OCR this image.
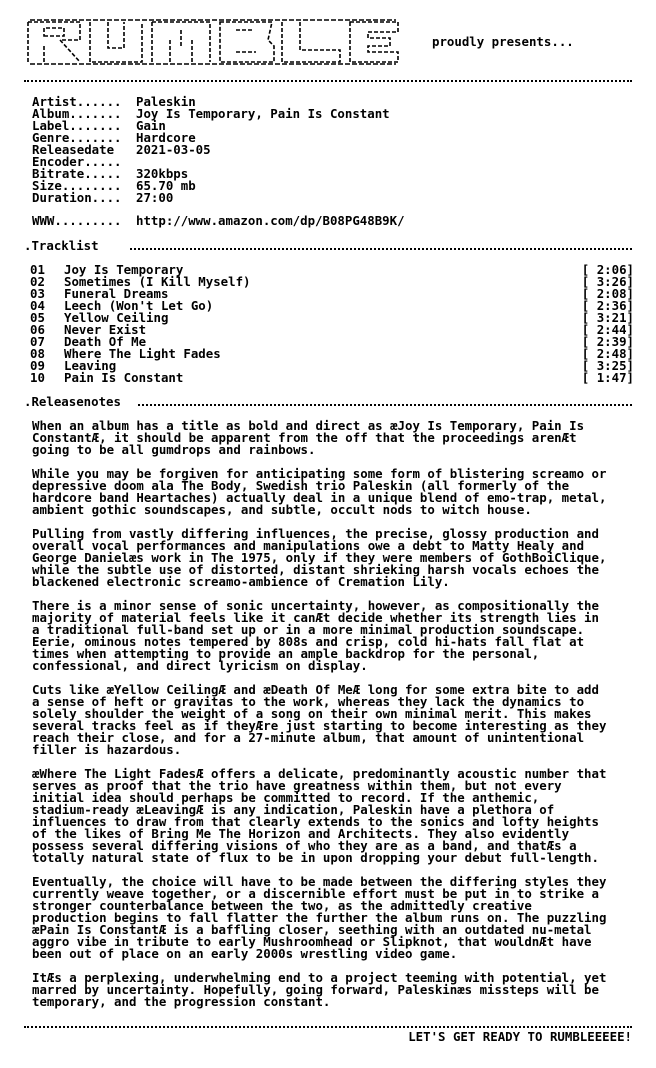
proudly presents...
Artist...... Paleskin
Album....... Joy Is Temporary, Pain Is Constant
Label....... Gain
Genre....... Hardcore
Releasedate 2021-03-05
Encoder.....
Bitrate..... 320kbps
Size........ 65.70 mb
Duration.... 27:00
WWW......... http://www.amazon.com/dp/B08PG48B9K/
.Tracklist
01 Joy Is Temporary	[ 2:06]
02 Sometimes (I Kill Myself)	[ 3:26]
03 Funeral Dreams	[ 2:08]
04 Leech (Won't Let Go)	[ 2:36]
05 Yellow Ceiling	[ 3:21]
06 Never Exist	[ 2:44]
07 Death Of Me	[ 2:39]
08 Where The Light Fades	[ 2:48]
09 Leaving	[ 3:25]
10 Pain Is Constant	[ 1:47]
.Releasenotes
When an album has a title as bold and direct as æJoy Is Temporary, Pain Is
ConstantÆ, it should be apparent from the off that the proceedings arenÆt
going to be all gumdrops and rainbows.
While you may be forgiven for anticipating some form of blistering screamo or
depressive doom ala The Body, Swedish trio Paleskin (all formerly of the
hardcore band Heartaches) actually deal in a unique blend of emo-trap, metal,
ambient gothic soundscapes, and subtle, occult nods to witch house.
Pulling from vastly differing influences, the precise, glossy production and
overall vocal performances and manipulations owe a debt to Matty Healy and
George Danielæs work in The 1975, only if they were members of GothBoiClique,
while the subtle use of distorted, distant shrieking harsh vocals echoes the
blackened electronic screamo-ambience of Cremation Lily.
There is a minor sense of sonic uncertainty, however, as compositionally the
majority of material feels like it canÆt decide whether its strength lies in
a traditional full-band set up or in a more minimal production soundscape.
Eerie, ominous notes tempered by 808s and crisp, cold hi-hats fall flat at
times when attempting to provide an ample backdrop for the personal,
confessional, and direct lyricism on display.
Cuts like æYellow CeilingÆ and æDeath Of MeÆ long for some extra bite to add
a sense of heft or gravitas to the work, whereas they lack the dynamics to
solely shoulder the weight of a song on their own minimal merit. This makes
several tracks feel as if theyÆre just starting to become interesting as they
reach their close, and for a 27-minute album, that amount of unintentional
filler is hazardous.
æWhere The Light FadesÆ offers a delicate, predominantly acoustic number that
serves as proof that the trio have greatness within them, but not every
initial idea should perhaps be committed to record. If the anthemic,
stadium-ready æLeavingÆ is any indication, Paleskin have a plethora of
influences to draw from that clearly extends to the sonics and lofty heights
of the likes of Bring Me The Horizon and Architects. They also evidently
possess several differing visions of who they are as a band, and thatÆs a
totally natural state of flux to be in upon dropping your debut full-length.
Eventually, the choice will have to be made between the differing styles they
currently weave together, or a discernible effort must be put in to strike a
stronger counterbalance between the two, as the admittedly creative
production begins to fall flatter the further the album runs on. The puzzling
æPain Is ConstantÆ is a baffling closer, seething with an outdated nu-metal
aggro vibe in tribute to early Mushroomhead or Slipknot, that wouldnÆt have
been out of place on an early 2000s wrestling video game.
ItÆs a perplexing, underwhelming end to a project teeming with potential, yet
marred by uncertainty. Hopefully, going forward, Paleskinæs missteps will be
temporary, and the progression constant.
LET'S GET READY TO RUMBLEEEEE!
